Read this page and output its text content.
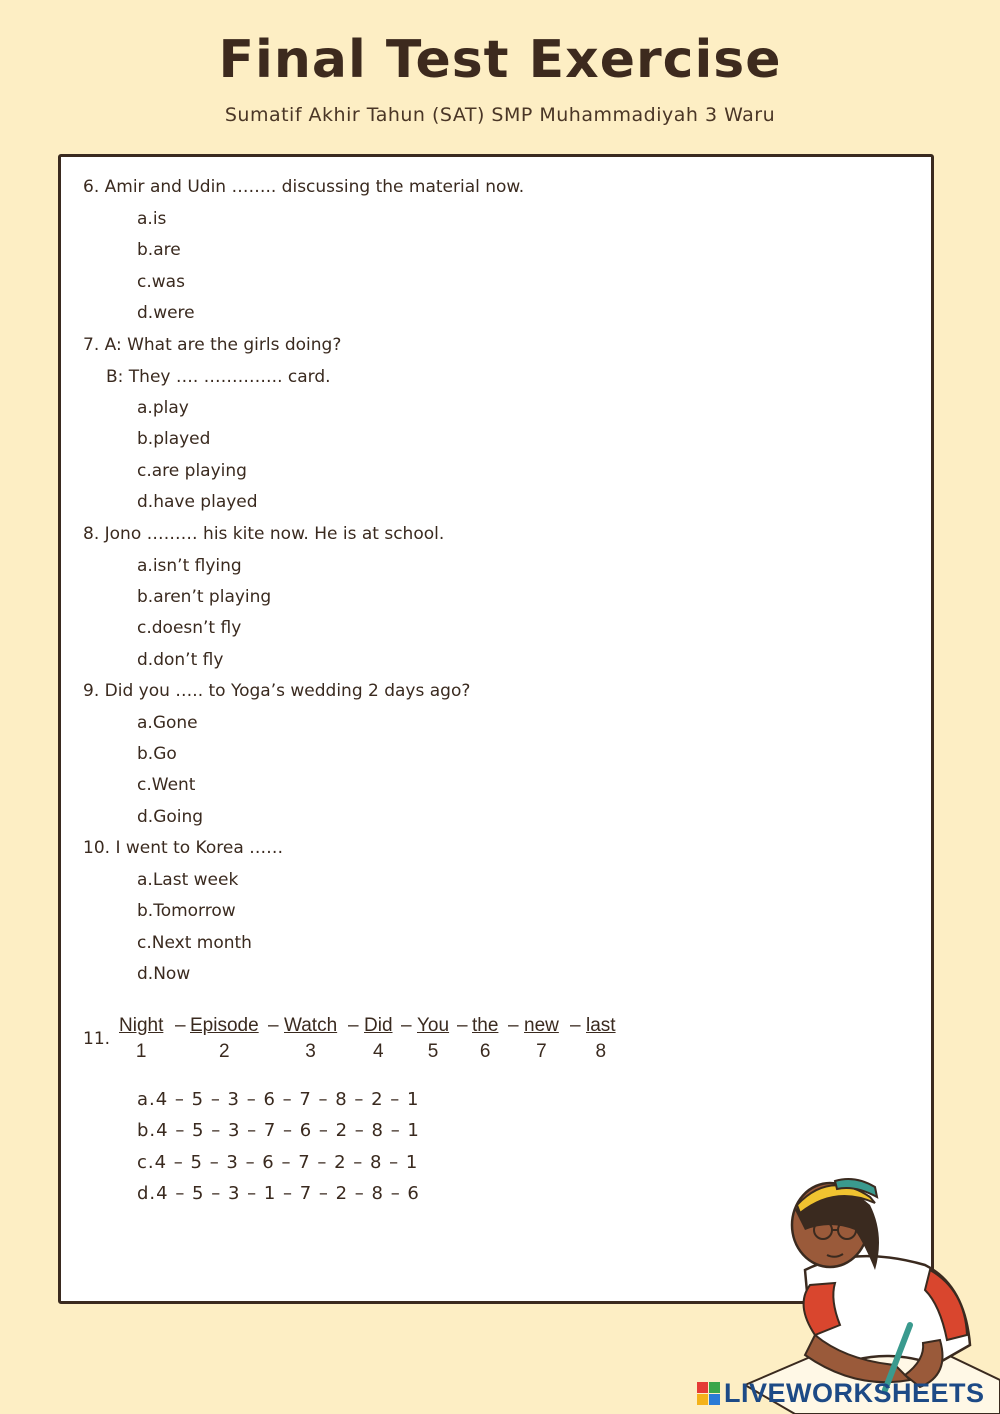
Final Test Exercise
Sumatif Akhir Tahun (SAT) SMP Muhammadiyah 3 Waru
6. Amir and Udin …….. discussing the material now.
a.is
b.are
c.was
d.were
7. A: What are the girls doing?
B: They …. ………….. card.
a.play
b.played
c.are playing
d.have played
8. Jono ……… his kite now. He is at school.
a.isn’t flying
b.aren’t playing
c.doesn’t fly
d.don’t fly
9. Did you ….. to Yoga’s wedding 2 days ago?
a.Gone
b.Go
c.Went
d.Going
10. I went to Korea ……
a.Last week
b.Tomorrow
c.Next month
d.Now
11.
Night
1
– Episode
2
– Watch
3
– Did
4
– You
5
– the
6
– new
7
– last
8
a.4 – 5 – 3 – 6 – 7 – 8 – 2 – 1
b.4 – 5 – 3 – 7 – 6 – 2 – 8 – 1
c.4 – 5 – 3 – 6 – 7 – 2 – 8 – 1
d.4 – 5 – 3 – 1 – 7 – 2 – 8 – 6
LIVEWORKSHEETS
